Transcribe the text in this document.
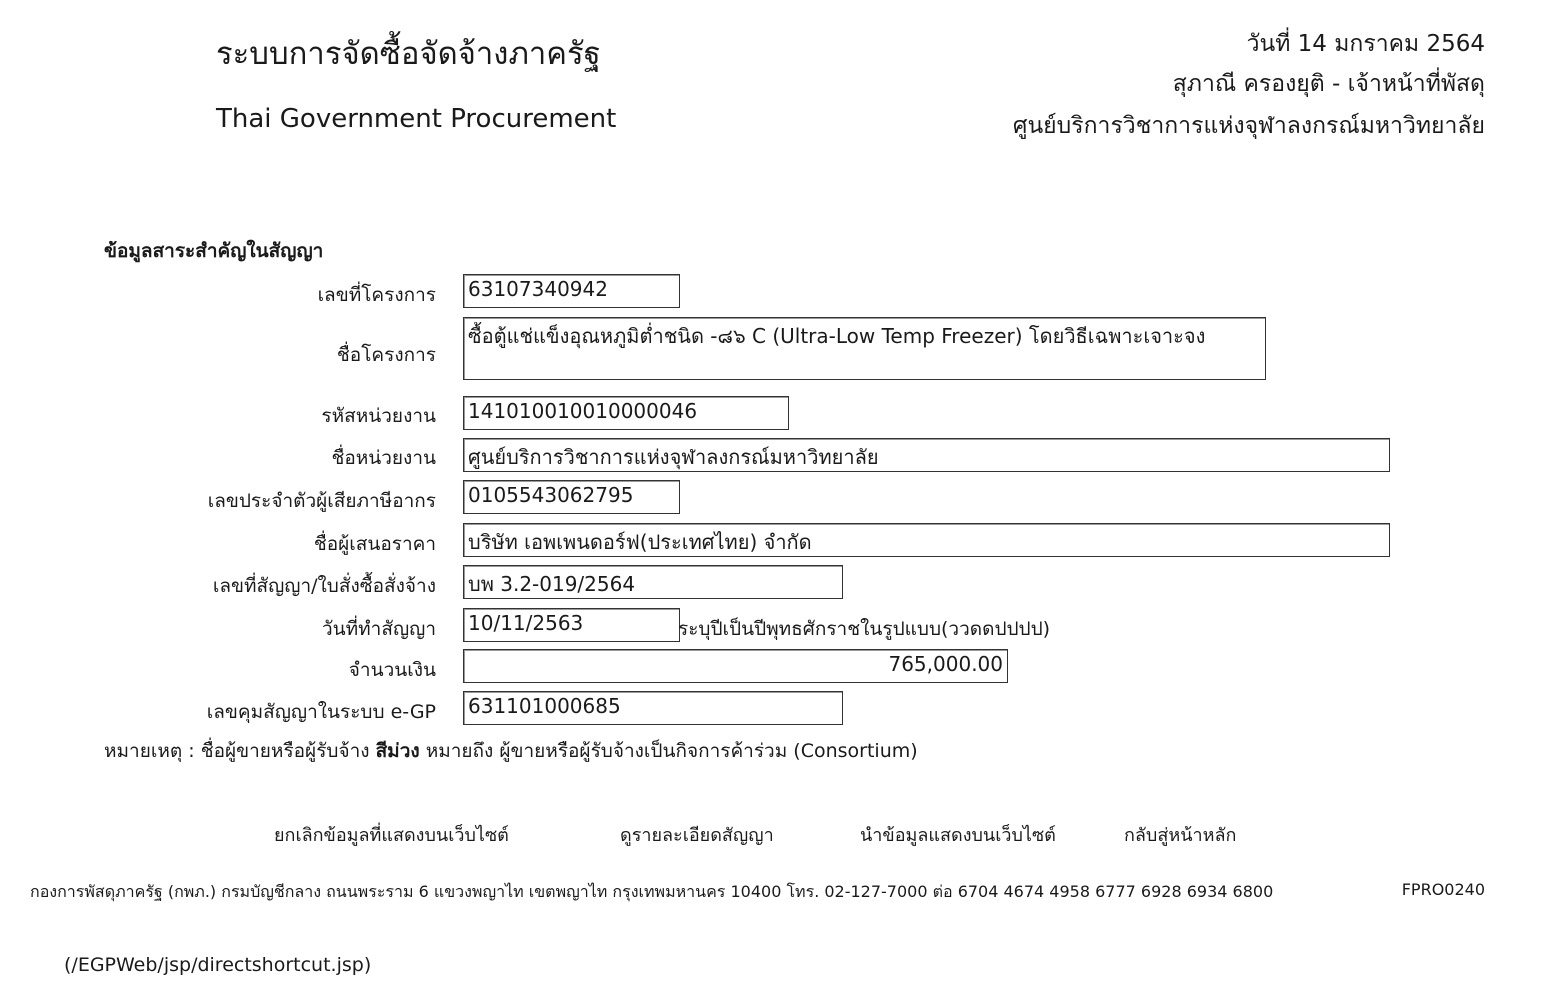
ระบบการจัดซื้อจัดจ้างภาครัฐ
Thai Government Procurement
วันที่ 14 มกราคม 2564
สุภาณี ครองยุติ - เจ้าหน้าที่พัสดุ
ศูนย์บริการวิชาการแห่งจุฬาลงกรณ์มหาวิทยาลัย
ข้อมูลสาระสำคัญในสัญญา
เลขที่โครงการ 63107340942
ชื่อโครงการ
ซื้อตู้แช่แข็งอุณหภูมิต่ำชนิด -๘๖ C (Ultra-Low Temp Freezer) โดยวิธีเฉพาะเจาะจง
รหัสหน่วยงาน 141010010010000046
ชื่อหน่วยงาน ศูนย์บริการวิชาการแห่งจุฬาลงกรณ์มหาวิทยาลัย
เลขประจำตัวผู้เสียภาษีอากร 0105543062795
ชื่อผู้เสนอราคา บริษัท เอพเพนดอร์ฟ(ประเทศไทย) จำกัด
เลขที่สัญญา/ใบสั่งซื้อสั่งจ้าง บพ 3.2-019/2564
วันที่ทำสัญญา 10/11/2563	ระบุปีเป็นปีพุทธศักราชในรูปแบบ(ววดดปปปป)
จำนวนเงิน	765,000.00
เลขคุมสัญญาในระบบ e-GP 631101000685
หมายเหตุ : ชื่อผู้ขายหรือผู้รับจ้าง สีม่วง หมายถึง ผู้ขายหรือผู้รับจ้างเป็นกิจการค้าร่วม (Consortium)
ยกเลิกข้อมูลที่แสดงบนเว็บไซต์	ดูรายละเอียดสัญญา	นำข้อมูลแสดงบนเว็บไซต์	กลับสู่หน้าหลัก
กองการพัสดุภาครัฐ (กพภ.) กรมบัญชีกลาง ถนนพระราม 6 แขวงพญาไท เขตพญาไท กรุงเทพมหานคร 10400 โทร. 02-127-7000 ต่อ 6704 4674 4958 6777 6928 6934 6800	FPRO0240
(/EGPWeb/jsp/directshortcut.jsp)
